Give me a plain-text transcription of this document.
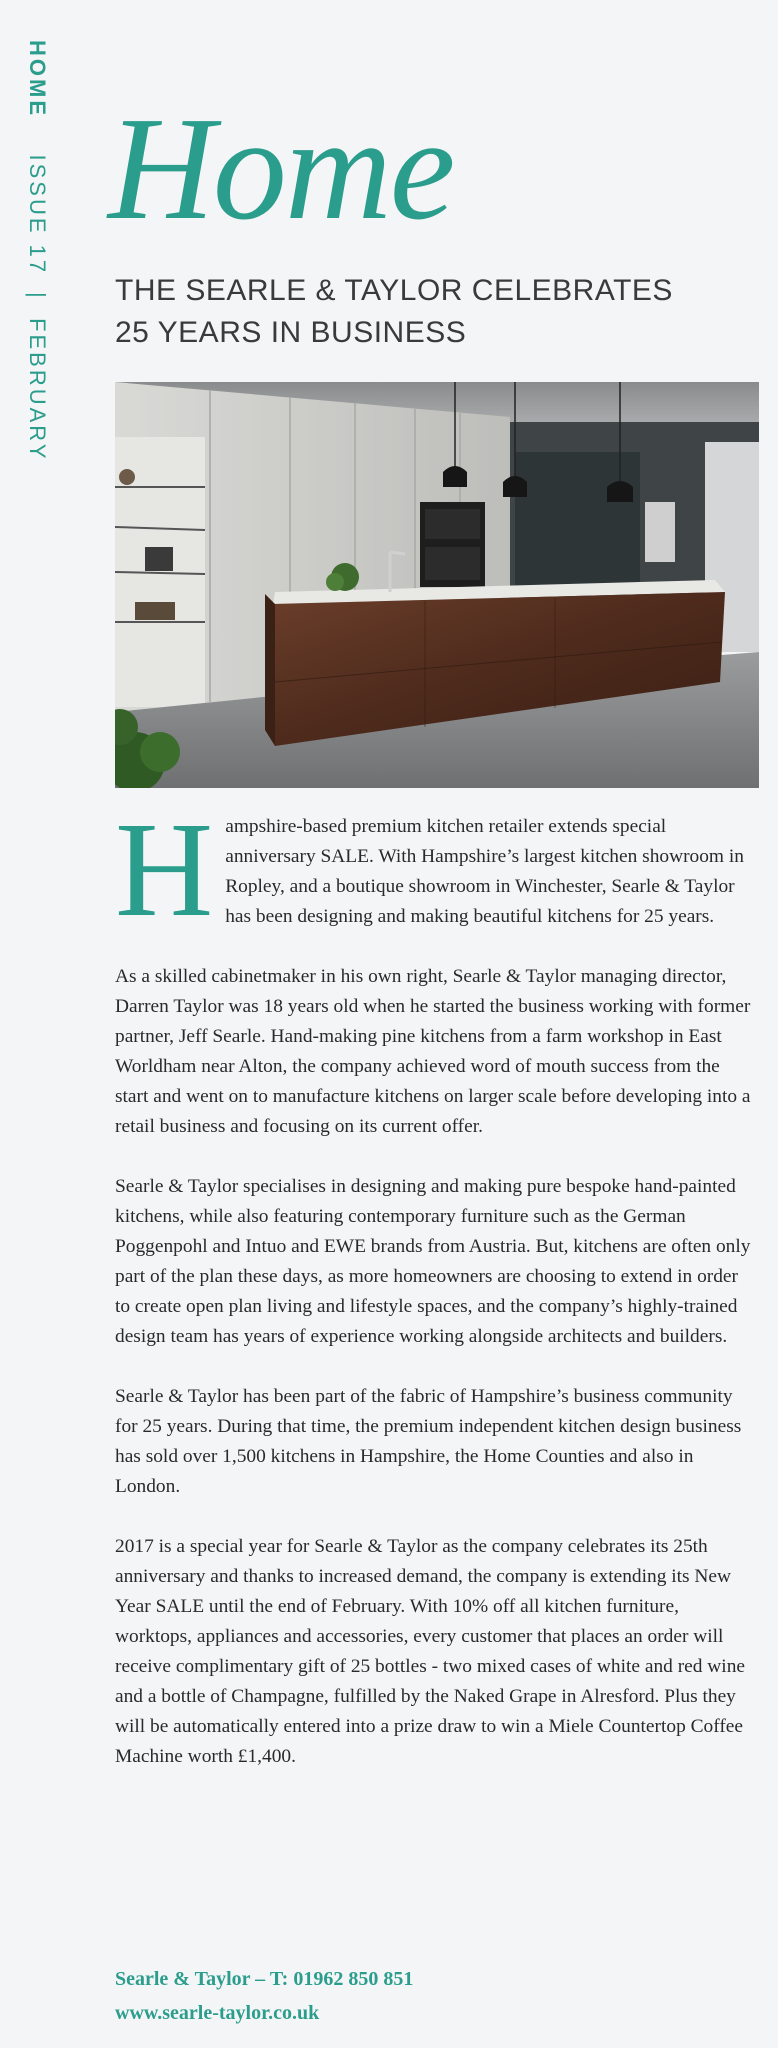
HOME    ISSUE 17 | FEBRUARY
Home
THE SEARLE & TAYLOR CELEBRATES
25 YEARS IN BUSINESS

Hampshire-based premium kitchen retailer extends special anniversary SALE. With Hampshire’s largest kitchen showroom in Ropley, and a boutique showroom in Winchester, Searle & Taylor has been designing and making beautiful kitchens for 25 years.

As a skilled cabinetmaker in his own right, Searle & Taylor managing director, Darren Taylor was 18 years old when he started the business working with former partner, Jeff Searle. Hand-making pine kitchens from a farm workshop in East Worldham near Alton, the company achieved word of mouth success from the start and went on to manufacture kitchens on larger scale before developing into a retail business and focusing on its current offer.

Searle & Taylor specialises in designing and making pure bespoke hand-painted kitchens, while also featuring contemporary furniture such as the German Poggenpohl and Intuo and EWE brands from Austria. But, kitchens are often only part of the plan these days, as more homeowners are choosing to extend in order to create open plan living and lifestyle spaces, and the company’s highly-trained design team has years of experience working alongside architects and builders.

Searle & Taylor has been part of the fabric of Hampshire’s business community for 25 years. During that time, the premium independent kitchen design business has sold over 1,500 kitchens in Hampshire, the Home Counties and also in London.

2017 is a special year for Searle & Taylor as the company celebrates its 25th anniversary and thanks to increased demand, the company is extending its New Year SALE until the end of February. With 10% off all kitchen furniture, worktops, appliances and accessories, every customer that places an order will receive complimentary gift of 25 bottles - two mixed cases of white and red wine and a bottle of Champagne, fulfilled by the Naked Grape in Alresford. Plus they will be automatically entered into a prize draw to win a Miele Countertop Coffee Machine worth £1,400.

Searle & Taylor – T: 01962 850 851
www.searle-taylor.co.uk
